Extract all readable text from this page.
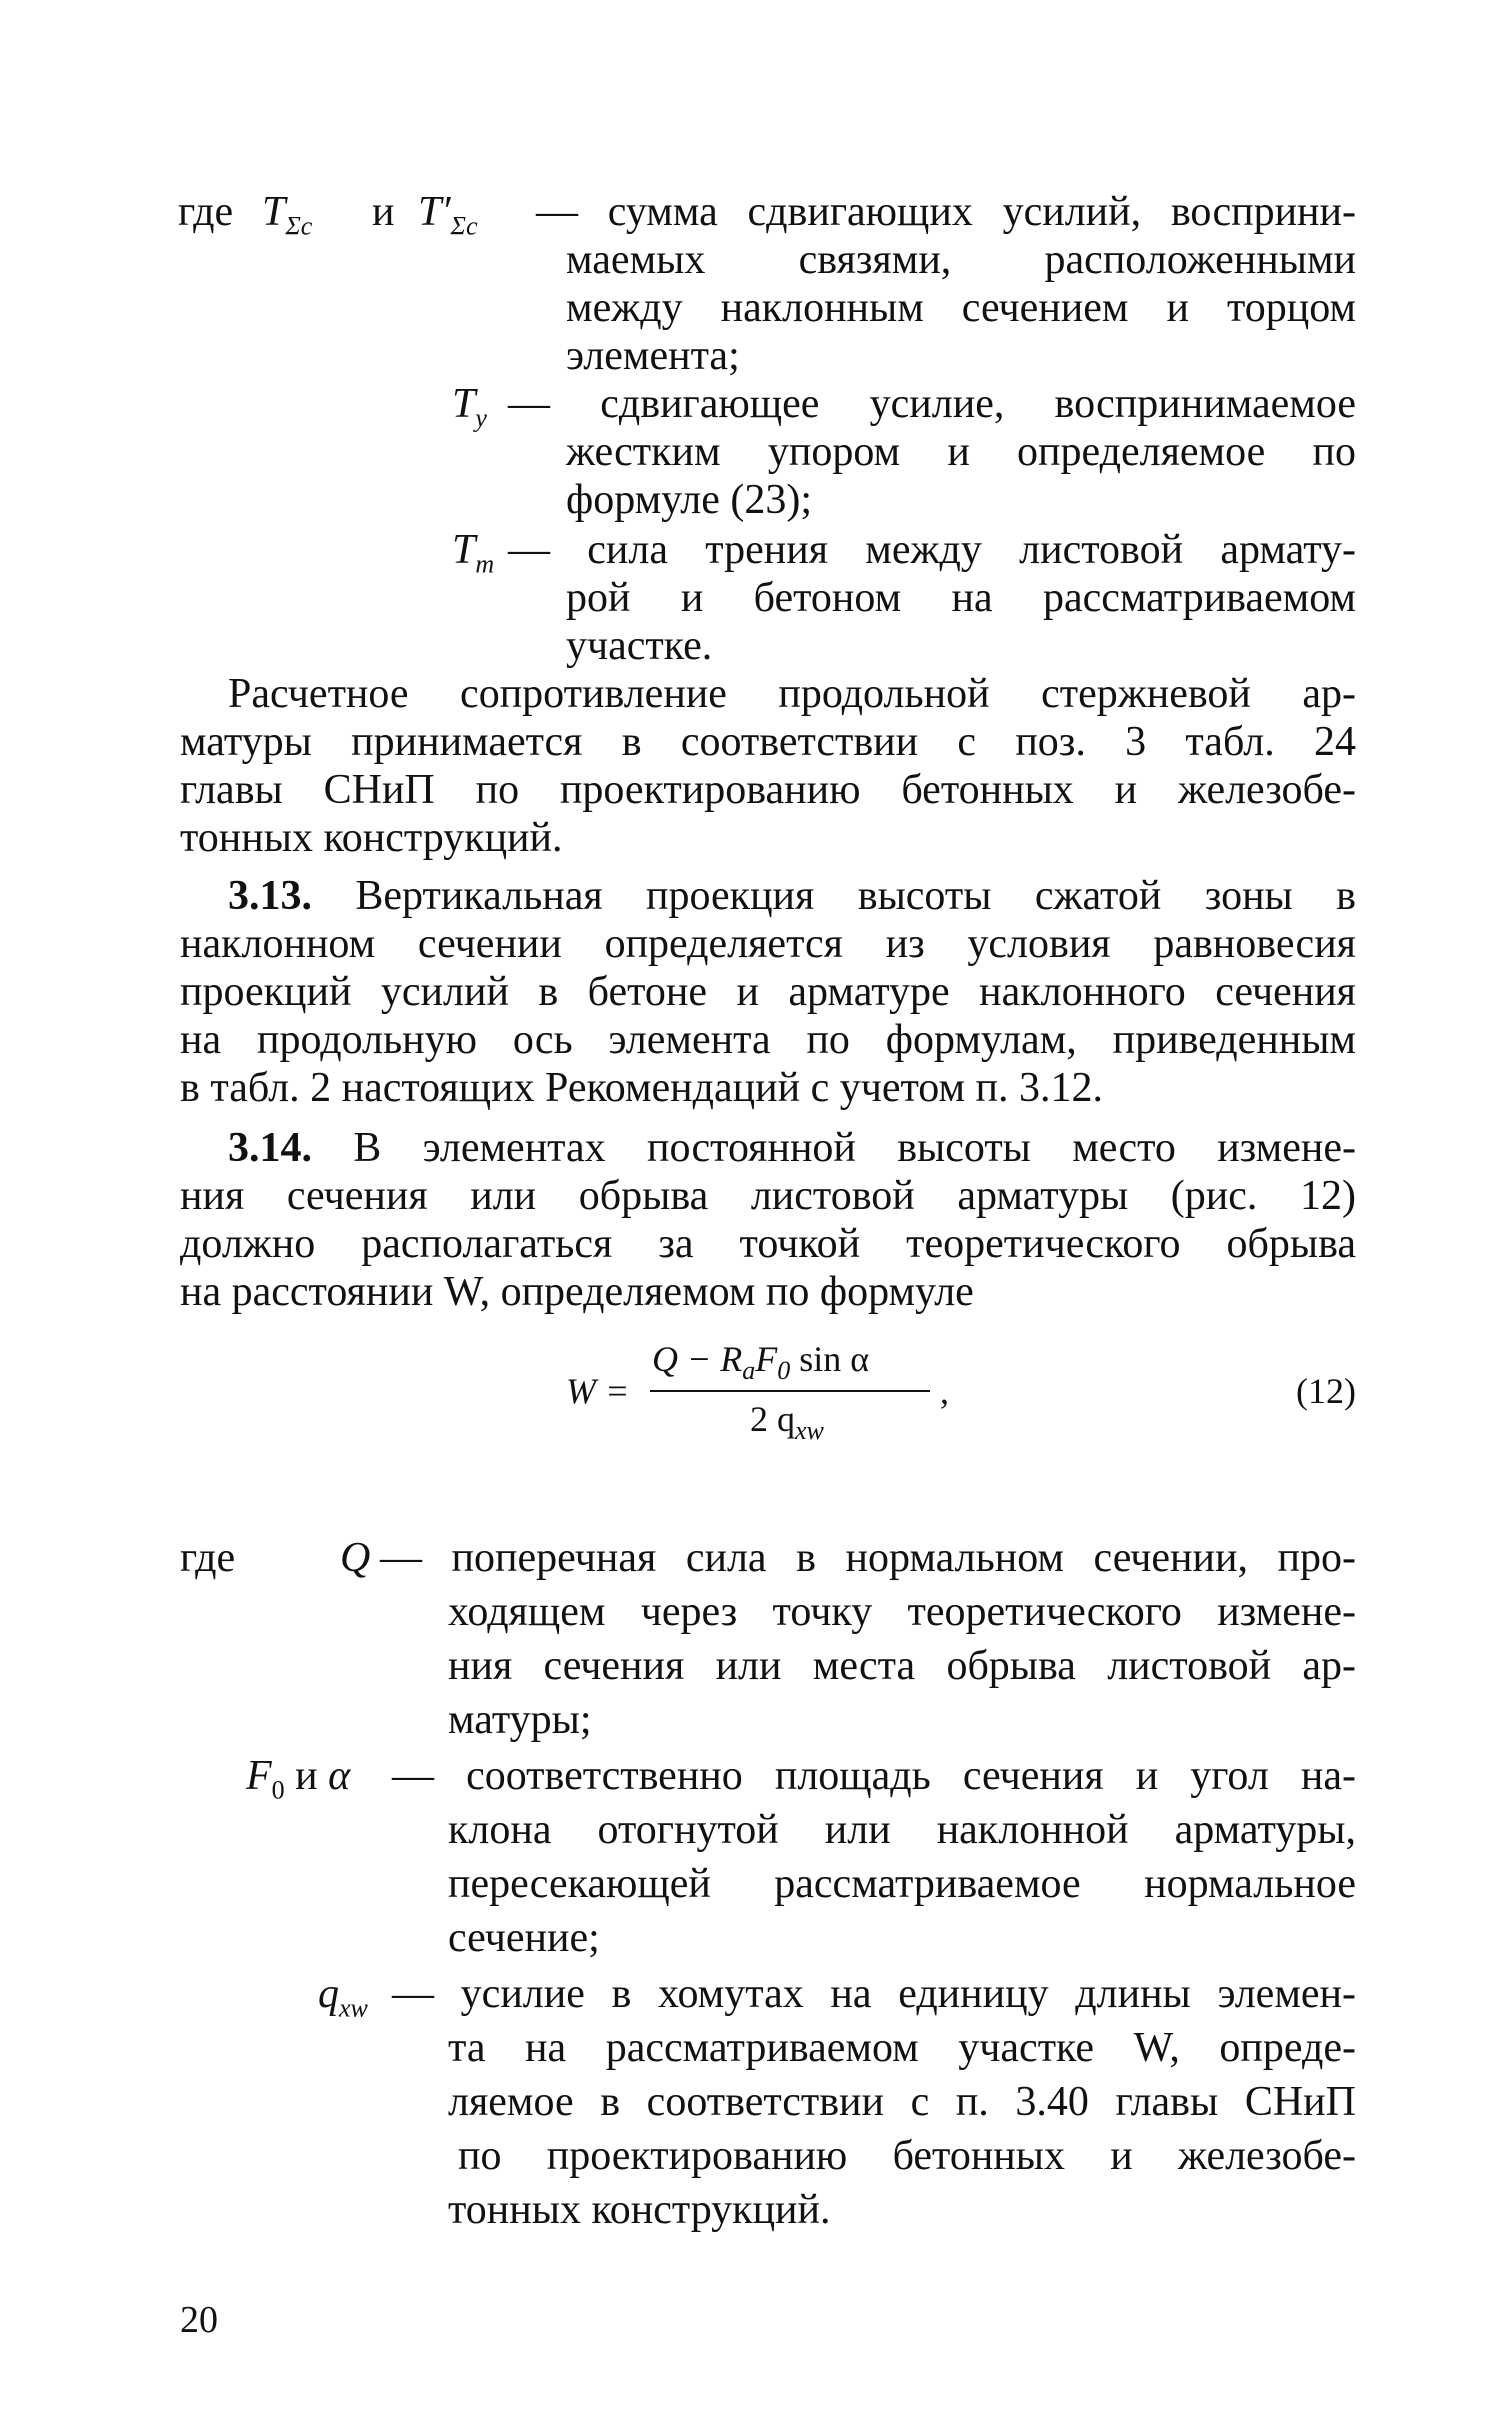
где $T_{\Sigma c}$ и $T'_{\Sigma c}$ — сумма сдвигающих усилий, восприни-
маемых связями, расположенными
между наклонным сечением и торцом
элемента;
$T_у$ — сдвигающее усилие, воспринимаемое
жестким упором и определяемое по
формуле (23);
$T_т$ — сила трения между листовой армату-
рой и бетоном на рассматриваемом
участке.
Расчетное сопротивление продольной стержневой ар-
матуры принимается в соответствии с поз. 3 табл. 24
главы СНиП по проектированию бетонных и железобе-
тонных конструкций.
3.13. Вертикальная проекция высоты сжатой зоны в
наклонном сечении определяется из условия равновесия
проекций усилий в бетоне и арматуре наклонного сечения
на продольную ось элемента по формулам, приведенным
в табл. 2 настоящих Рекомендаций с учетом п. 3.12.
3.14. В элементах постоянной высоты место измене-
ния сечения или обрыва листовой арматуры (рис. 12)
должно располагаться за точкой теоретического обрыва
на расстоянии W, определяемом по формуле
W =
$Q - R_aF_0$ sin α
2 $q_{xw}$
,	(12)
где Q — поперечная сила в нормальном сечении, про-
ходящем через точку теоретического измене-
ния сечения или места обрыва листовой ар-
матуры;
$F_0$ и α — соответственно площадь сечения и угол на-
клона отогнутой или наклонной арматуры,
пересекающей рассматриваемое нормальное
сечение;
$q_{xw}$ — усилие в хомутах на единицу длины элемен-
та на рассматриваемом участке W, опреде-
ляемое в соответствии с п. 3.40 главы СНиП
по проектированию бетонных и железобе-
тонных конструкций.
20
